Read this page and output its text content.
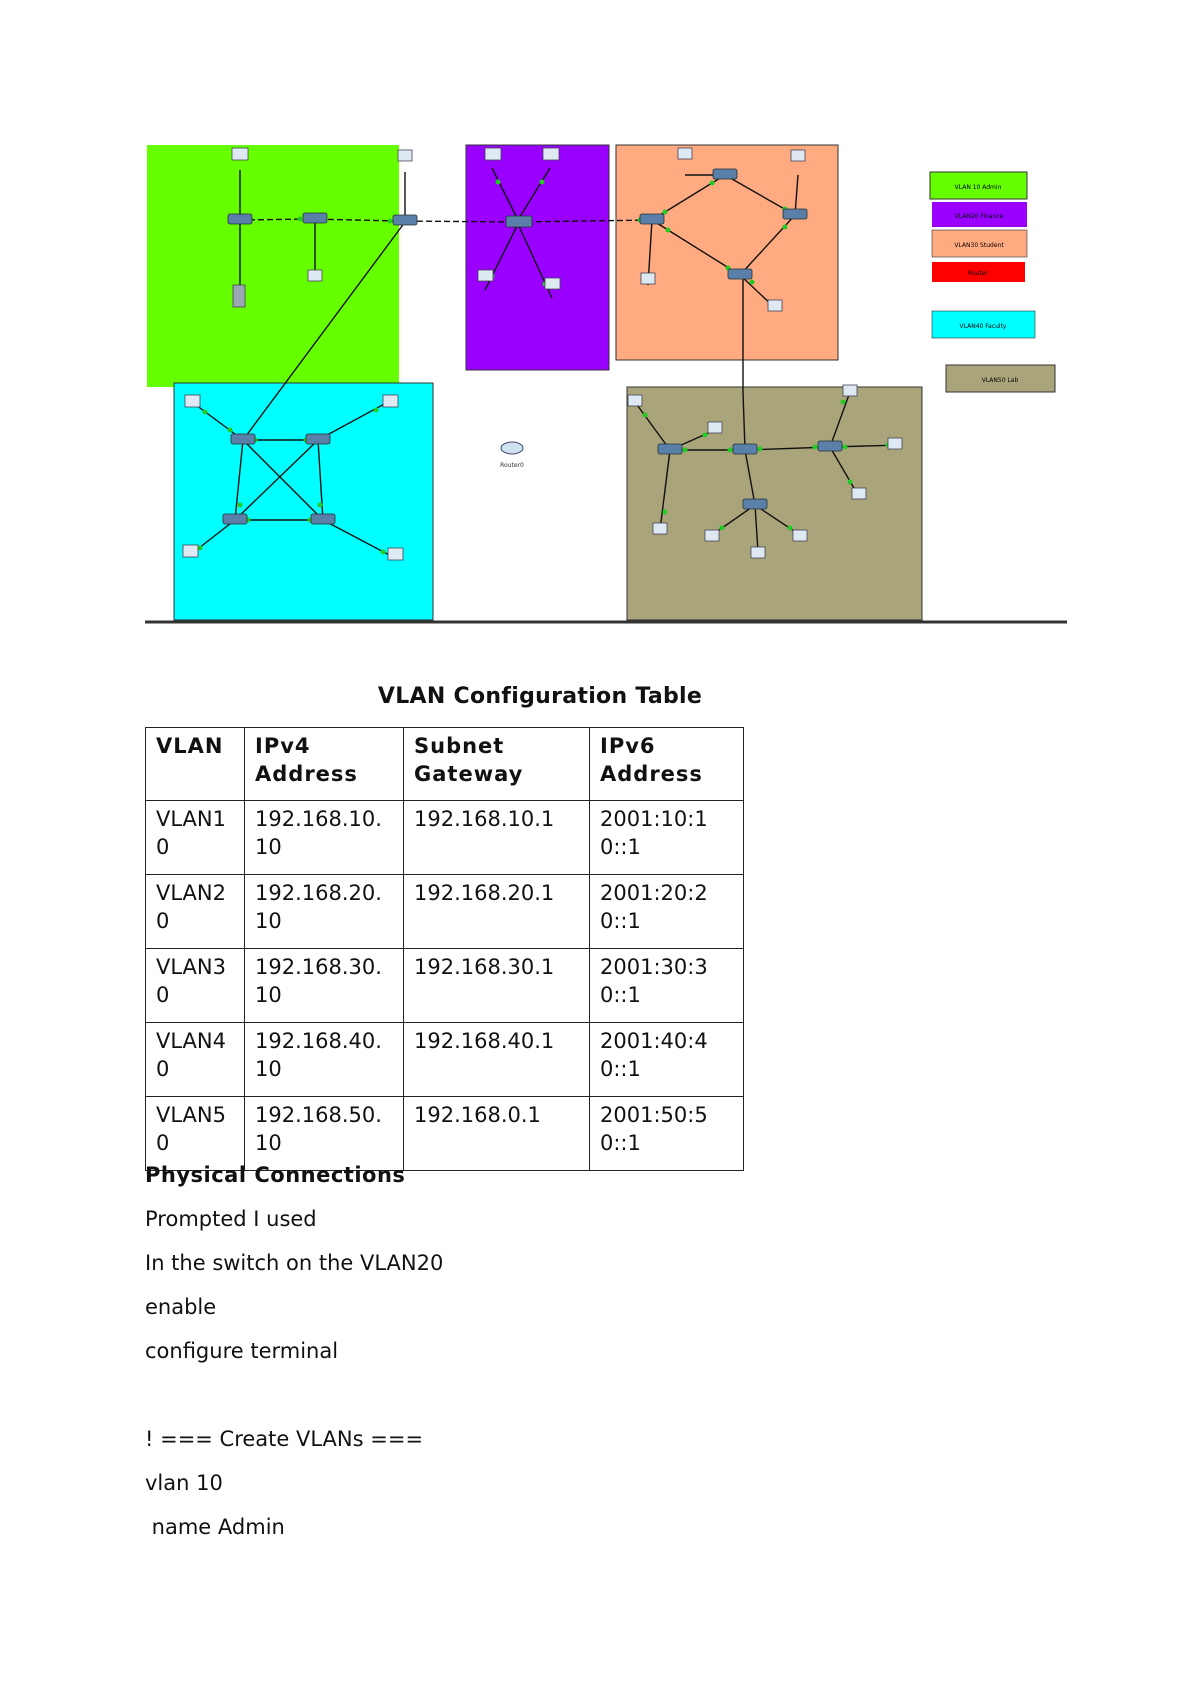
Router0
VLAN 10 Admin
VLAN20 Finance
VLAN30 Student
Router
VLAN40 Faculty
VLAN50 Lab
VLAN Configuration Table
VLAN	IPv4 Address	Subnet Gateway	IPv6 Address
VLAN10	192.168.10.10	192.168.10.1	2001:10:10::1
VLAN20	192.168.20.10	192.168.20.1	2001:20:20::1
VLAN30	192.168.30.10	192.168.30.1	2001:30:30::1
VLAN40	192.168.40.10	192.168.40.1	2001:40:40::1
VLAN50	192.168.50.10	192.168.0.1	2001:50:50::1
Physical Connections
Prompted I used
In the switch on the VLAN20
enable
configure terminal
! === Create VLANs ===
vlan 10
name Admin
